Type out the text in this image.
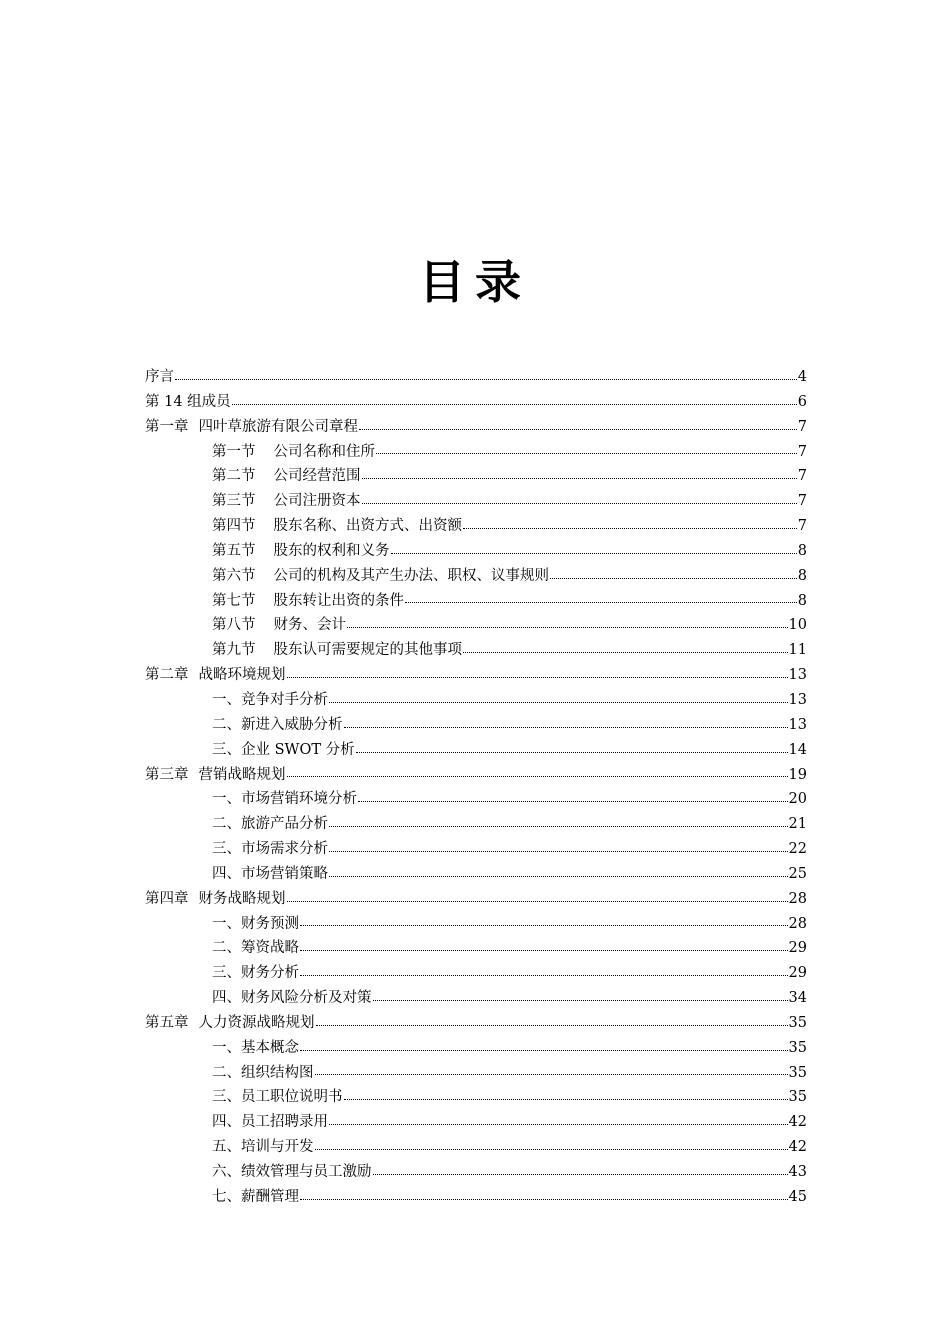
目录
序言	4
第 14 组成员	6
第一章 四叶草旅游有限公司章程	7
第一节 公司名称和住所	7
第二节 公司经营范围	7
第三节 公司注册资本	7
第四节 股东名称、出资方式、出资额	7
第五节 股东的权利和义务	8
第六节 公司的机构及其产生办法、职权、议事规则	8
第七节 股东转让出资的条件	8
第八节 财务、会计	10
第九节 股东认可需要规定的其他事项	11
第二章 战略环境规划	13
一、竞争对手分析	13
二、新进入威胁分析	13
三、企业 SWOT 分析	14
第三章 营销战略规划	19
一、市场营销环境分析	20
二、旅游产品分析	21
三、市场需求分析	22
四、市场营销策略	25
第四章 财务战略规划	28
一、财务预测	28
二、筹资战略	29
三、财务分析	29
四、财务风险分析及对策	34
第五章 人力资源战略规划	35
一、基本概念	35
二、组织结构图	35
三、员工职位说明书	35
四、员工招聘录用	42
五、培训与开发	42
六、绩效管理与员工激励	43
七、薪酬管理	45
